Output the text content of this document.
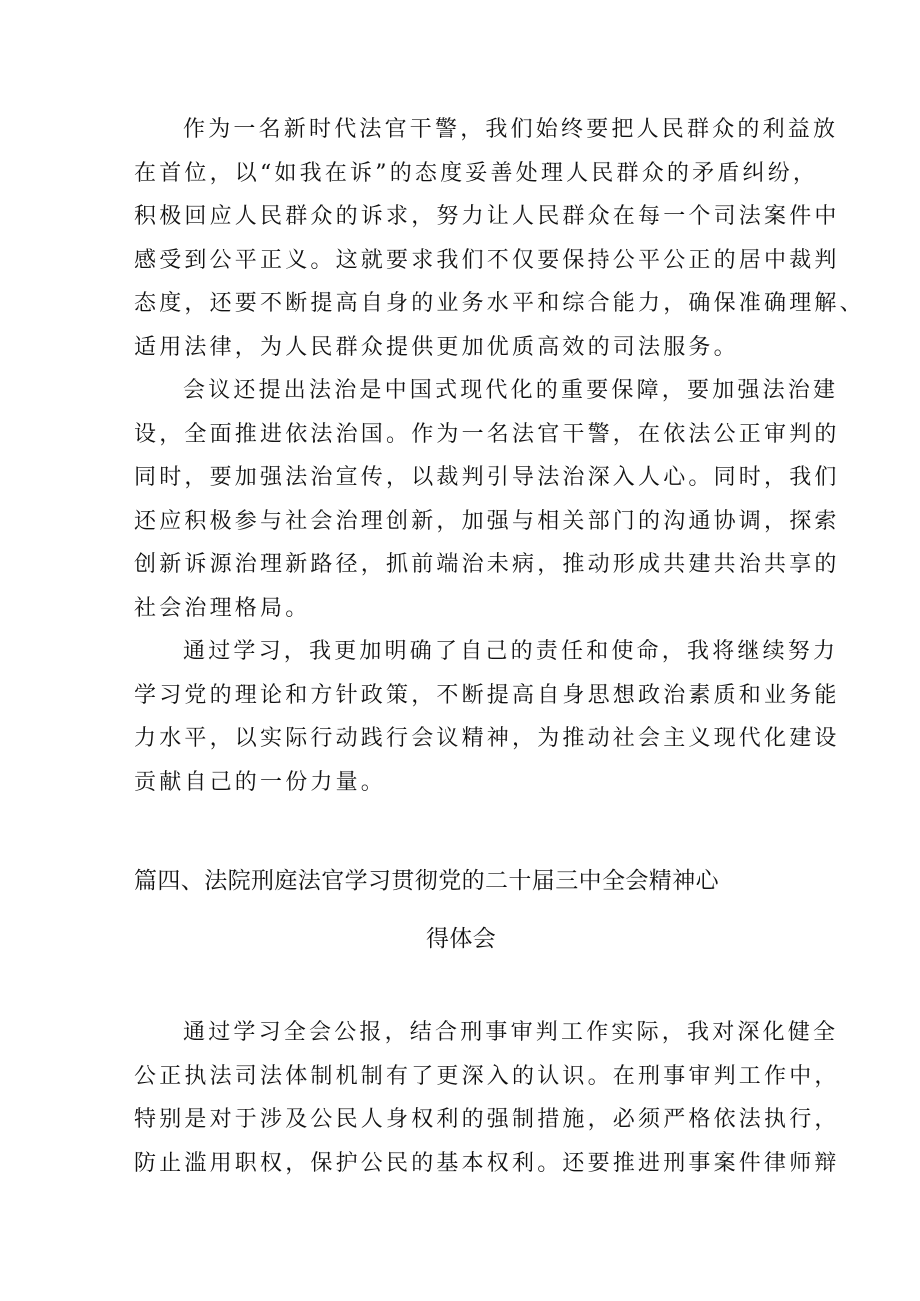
作为一名新时代法官干警，我们始终要把人民群众的利益放
在首位，以“如我在诉”的态度妥善处理人民群众的矛盾纠纷，
积极回应人民群众的诉求，努力让人民群众在每一个司法案件中
感受到公平正义。这就要求我们不仅要保持公平公正的居中裁判
态度，还要不断提高自身的业务水平和综合能力，确保准确理解、
适用法律，为人民群众提供更加优质高效的司法服务。
会议还提出法治是中国式现代化的重要保障，要加强法治建
设，全面推进依法治国。作为一名法官干警，在依法公正审判的
同时，要加强法治宣传，以裁判引导法治深入人心。同时，我们
还应积极参与社会治理创新，加强与相关部门的沟通协调，探索
创新诉源治理新路径，抓前端治未病，推动形成共建共治共享的
社会治理格局。
通过学习，我更加明确了自己的责任和使命，我将继续努力
学习党的理论和方针政策，不断提高自身思想政治素质和业务能
力水平，以实际行动践行会议精神，为推动社会主义现代化建设
贡献自己的一份力量。
篇四、法院刑庭法官学习贯彻党的二十届三中全会精神心
得体会
通过学习全会公报，结合刑事审判工作实际，我对深化健全
公正执法司法体制机制有了更深入的认识。在刑事审判工作中，
特别是对于涉及公民人身权利的强制措施，必须严格依法执行，
防止滥用职权，保护公民的基本权利。还要推进刑事案件律师辩
